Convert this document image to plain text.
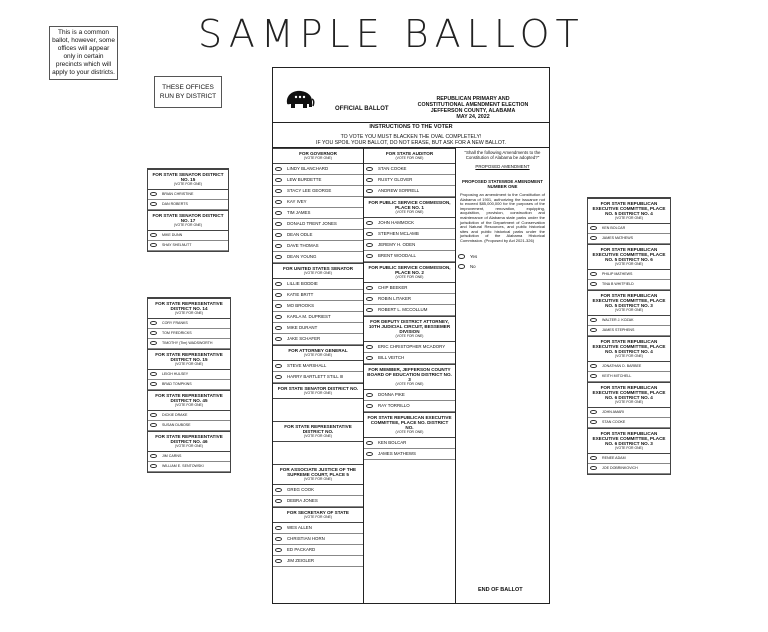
SAMPLE BALLOT
This is a common ballot, however, some offices will appear only in certain precincts which will apply to your districts.
THESE OFFICES RUN BY DISTRICT
OFFICIAL BALLOT
REPUBLICAN PRIMARY AND
CONSTITUTIONAL AMENDMENT ELECTION
JEFFERSON COUNTY, ALABAMA
MAY 24, 2022
INSTRUCTIONS TO THE VOTER
TO VOTE YOU MUST BLACKEN THE OVAL COMPLETELY!
IF YOU SPOIL YOUR BALLOT, DO NOT ERASE, BUT ASK FOR A NEW BALLOT.
FOR GOVERNOR
(VOTE FOR ONE)
LINDY BLANCHARD
LEW BURDETTE
STACY LEE GEORGE
KAY IVEY
TIM JAMES
DONALD TRENT JONES
DEAN ODLE
DAVE THOMAS
DEAN YOUNG
FOR UNITED STATES SENATOR
(VOTE FOR ONE)
LILLIE BODDIE
KATIE BRITT
MO BROOKS
KARLA M. DUPRIEST
MIKE DURANT
JAKE SCHAFER
FOR ATTORNEY GENERAL
(VOTE FOR ONE)
STEVE MARSHALL
HARRY BARTLETT STILL III
FOR STATE SENATOR DISTRICT NO.
(VOTE FOR ONE)
FOR STATE REPRESENTATIVE DISTRICT NO.
(VOTE FOR ONE)
FOR ASSOCIATE JUSTICE OF THE SUPREME COURT, PLACE 5
(VOTE FOR ONE)
GREG COOK
DEBRA JONES
FOR SECRETARY OF STATE
(VOTE FOR ONE)
WES ALLEN
CHRISTIAN HORN
ED PACKARD
JIM ZEIGLER
FOR STATE AUDITOR
(VOTE FOR ONE)
STAN COOKE
RUSTY GLOVER
ANDREW SORRELL
FOR PUBLIC SERVICE COMMISSION, PLACE NO. 1
(VOTE FOR ONE)
JOHN HAMMOCK
STEPHEN MCLAMB
JEREMY H. ODEN
BRENT WOODALL
FOR PUBLIC SERVICE COMMISSION, PLACE NO. 2
(VOTE FOR ONE)
CHIP BEEKER
ROBIN LITAKER
ROBERT L. MCCOLLUM
FOR DEPUTY DISTRICT ATTORNEY, 10TH JUDICIAL CIRCUIT, BESSEMER DIVISION
(VOTE FOR ONE)
ERIC CHRISTOPHER MCADORY
BILL VEITCH
FOR MEMBER, JEFFERSON COUNTY BOARD OF EDUCATION DISTRICT NO. 3
(VOTE FOR ONE)
DONNA PIKE
RAY TORRILLO
FOR STATE REPUBLICAN EXECUTIVE COMMITTEE, PLACE NO. DISTRICT NO.
(VOTE FOR ONE)
KEN BOLCAR
JAMES MATHEWS
"Shall the following Amendments to the Constitution of Alabama be adopted?"
PROPOSED AMENDMENT
PROPOSED STATEWIDE AMENDMENT NUMBER ONE
Proposing an amendment to the Constitution of Alabama of 1901, authorizing the issuance not to exceed $85,000,000 for the purposes of the improvement, renovation, equipping, acquisition, provision, construction and maintenance of Alabama state parks under the jurisdiction of the Department of Conservation and Natural Resources, and public historical sites and public historical parks under the jurisdiction of the Alabama Historical Commission. (Proposed by Act 2021-326)
Yes
No
END OF BALLOT
FOR STATE SENATOR DISTRICT NO. 15
(VOTE FOR ONE)
BRIAN CHRISTINE
DAN ROBERTS
FOR STATE SENATOR DISTRICT NO. 17
(VOTE FOR ONE)
MIKE DUNN
SHAY SHELNUTT
FOR STATE REPRESENTATIVE DISTRICT NO. 14
(VOTE FOR ONE)
CORY FRANKS
TOM FREDRICKS
TIMOTHY (Tim) WADSWORTH
FOR STATE REPRESENTATIVE DISTRICT NO. 15
(VOTE FOR ONE)
LEIGH HULSEY
BRAD TOMPKINS
FOR STATE REPRESENTATIVE DISTRICT NO. 45
(VOTE FOR ONE)
DICKIE DRAKE
SUSAN DUBOSE
FOR STATE REPRESENTATIVE DISTRICT NO. 46
(VOTE FOR ONE)
JIM CARNS
WILLIAM E. SENTOWSKI
FOR STATE REPUBLICAN EXECUTIVE COMMITTEE, PLACE NO. 5 DISTRICT NO. 4
(VOTE FOR ONE)
KEN BOLCAR
JAMES MATHEWS
FOR STATE REPUBLICAN EXECUTIVE COMMITTEE, PLACE NO. 5 DISTRICT NO. 6
(VOTE FOR ONE)
PHILIP MATHEWS
TINA B WHITFIELD
FOR STATE REPUBLICAN EXECUTIVE COMMITTEE, PLACE NO. 5 DISTRICT NO. 3
(VOTE FOR ONE)
WALTER J. KOZAK
JAMES STEPHENS
FOR STATE REPUBLICAN EXECUTIVE COMMITTEE, PLACE NO. 5 DISTRICT NO. 4
(VOTE FOR ONE)
JONATHAN D. BARBEE
KEITH MITCHELL
FOR STATE REPUBLICAN EXECUTIVE COMMITTEE, PLACE NO. 6 DISTRICT NO. 4
(VOTE FOR ONE)
JOHN AMARI
STAN COOKE
FOR STATE REPUBLICAN EXECUTIVE COMMITTEE, PLACE NO. 6 DISTRICT NO. 3
(VOTE FOR ONE)
RENEE ADAM
JOE DOBRINKOVICH
